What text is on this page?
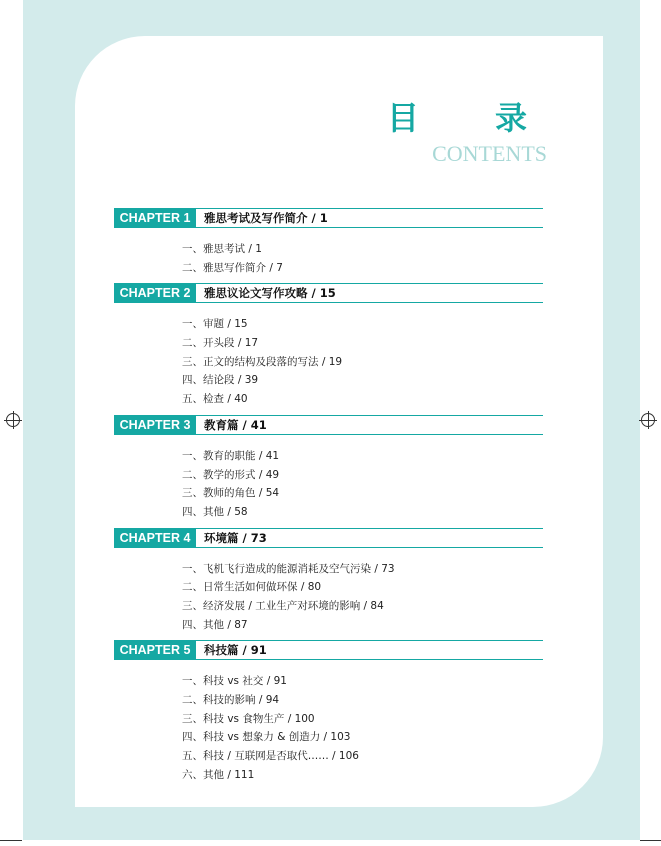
目　录
CONTENTS
CHAPTER 1	雅思考试及写作简介 / 1
一、雅思考试 / 1
二、雅思写作简介 / 7
CHAPTER 2	雅思议论文写作攻略 / 15
一、审题 / 15
二、开头段 / 17
三、正文的结构及段落的写法 / 19
四、结论段 / 39
五、检查 / 40
CHAPTER 3	教育篇 / 41
一、教育的职能 / 41
二、教学的形式 / 49
三、教师的角色 / 54
四、其他 / 58
CHAPTER 4	环境篇 / 73
一、飞机飞行造成的能源消耗及空气污染 / 73
二、日常生活如何做环保 / 80
三、经济发展 / 工业生产对环境的影响 / 84
四、其他 / 87
CHAPTER 5	科技篇 / 91
一、科技 vs 社交 / 91
二、科技的影响 / 94
三、科技 vs 食物生产 / 100
四、科技 vs 想象力 & 创造力 / 103
五、科技 / 互联网是否取代…… / 106
六、其他 / 111
